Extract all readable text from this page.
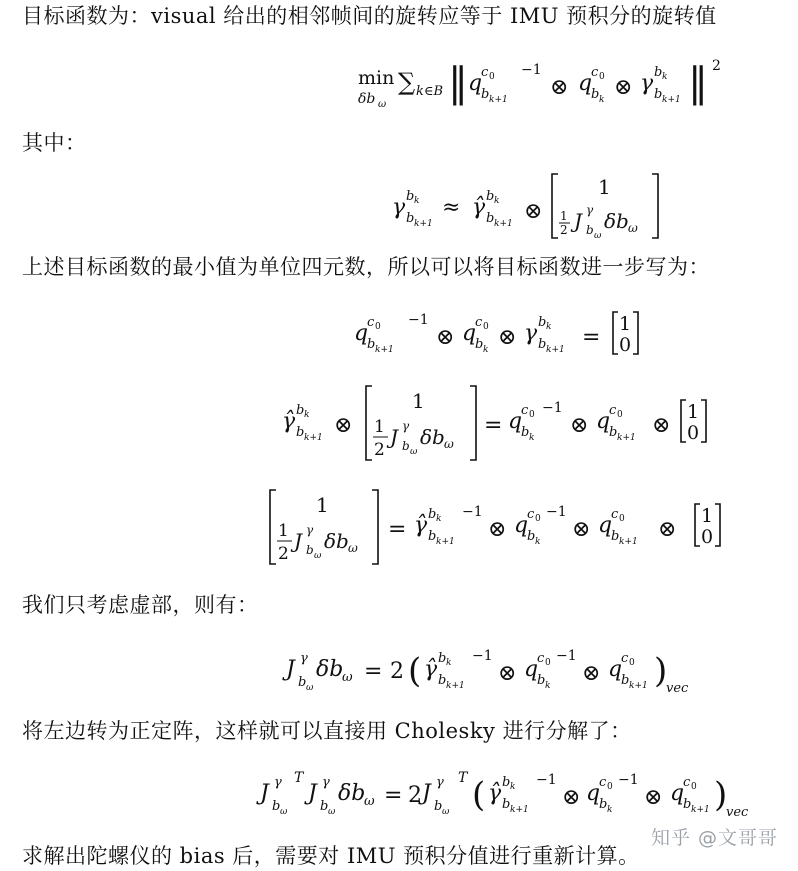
目标函数为：visual 给出的相邻帧间的旋转应等于 IMU 预积分的旋转值
其中：
上述目标函数的最小值为单位四元数，所以可以将目标函数进一步写为：
我们只考虑虚部，则有：
将左边转为正定阵，这样就可以直接用 Cholesky 进行分解了：
求解出陀螺仪的 bias 后，需要对 IMU 预积分值进行重新计算。
min
δb ω
∑ k∈B ‖ q
c 0
b k+1
−1
⊗ q
c 0
b k ⊗ γ b k
b k+1 ‖ 2
γ b k
b k+1
≈ γ̂ b k
b k+1 ⊗
1
1
2 J γ
b ω
δb ω
q
c 0
b k+1
−1
⊗ q
c 0
b k ⊗ γ b k
b k+1 =
1
0
γ̂ b k
b k+1 ⊗
1
1
2
J γ
b ω
δb ω
= q
c 0
b k
−1
⊗ q
c 0
b k+1 ⊗
1
0
1
1
2
J γ
b ω
δb ω
= γ̂ b k
b k+1
−1
⊗ q
c 0
b k
−1
⊗ q
c 0
b k+1 ⊗
1
0
J γ
b ω
δb
ω = 2 ( γ̂ b k
b k+1
−1
⊗ q
c 0
b k
−1
⊗ q
c 0
b k+1 )
vec
J γ
b ω
T
J γ
b ω
δb
ω = 2 J γ
b ω
T ( γ̂ b k
b k+1
−1
⊗ q
c 0
b k
−1
⊗ q
c 0
b k+1 )
vec
知乎 @文哥哥
